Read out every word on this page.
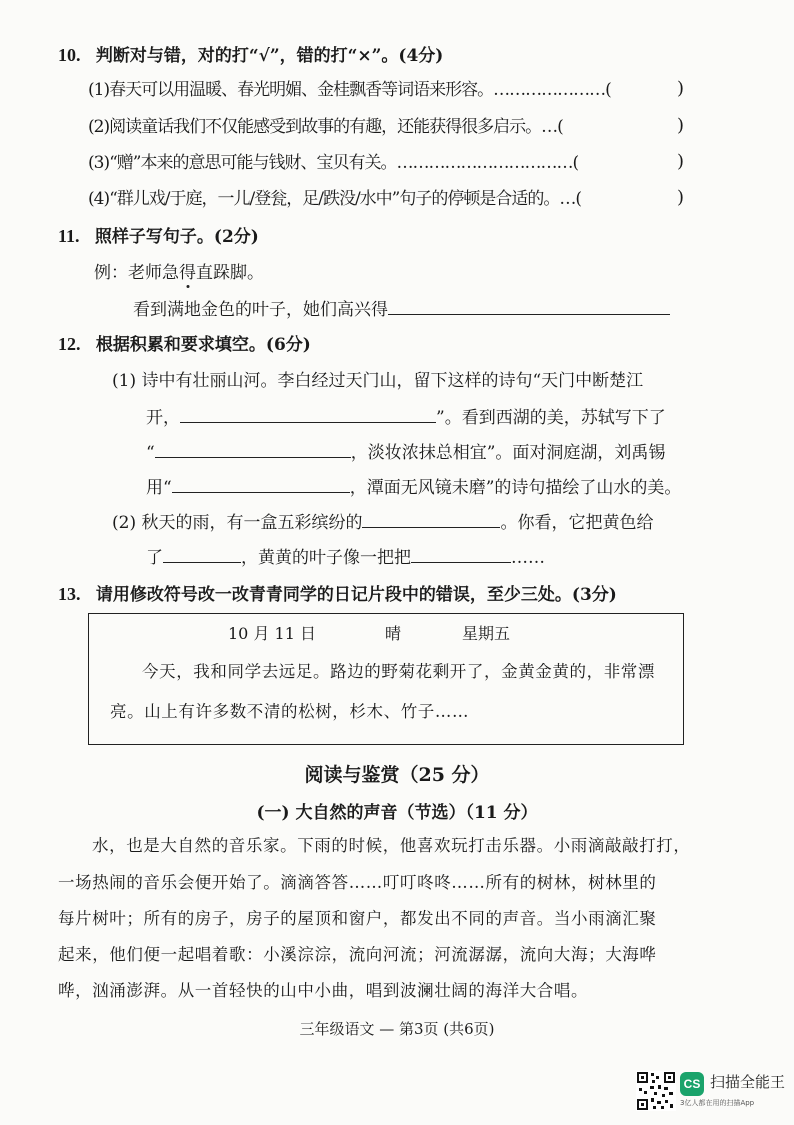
10. 判断对与错，对的打“√”，错的打“×”。(4分)
(1)春天可以用温暖、春光明媚、金桂飘香等词语来形容。…………………(	)
(2)阅读童话我们不仅能感受到故事的有趣，还能获得很多启示。…(	)
(3)“赠”本来的意思可能与钱财、宝贝有关。……………………………(	)
(4)“群儿戏/于庭，一儿/登瓮，足/跌没/水中”句子的停顿是合适的。…(	)
11. 照样子写句子。(2分)
例：老师急得直跺脚。
看到满地金色的叶子，她们高兴得
12. 根据积累和要求填空。(6分)
(1) 诗中有壮丽山河。李白经过天门山，留下这样的诗句“天门中断楚江
开，	”。看到西湖的美，苏轼写下了
“	，淡妆浓抹总相宜”。面对洞庭湖，刘禹锡
用“	，潭面无风镜未磨”的诗句描绘了山水的美。
(2) 秋天的雨，有一盒五彩缤纷的	。你看，它把黄色给
了	，黄黄的叶子像一把把	……
13. 请用修改符号改一改青青同学的日记片段中的错误，至少三处。(3分)
10 月 11 日	晴	星期五
今天，我和同学去远足。路边的野菊花剩开了，金黄金黄的，非常漂
亮。山上有许多数不清的松树，杉木、竹子……
阅读与鉴赏（25 分）
(一) 大自然的声音（节选）（11 分）
水，也是大自然的音乐家。下雨的时候，他喜欢玩打击乐器。小雨滴敲敲打打，
一场热闹的音乐会便开始了。滴滴答答……叮叮咚咚……所有的树林，树林里的
每片树叶；所有的房子，房子的屋顶和窗户，都发出不同的声音。当小雨滴汇聚
起来，他们便一起唱着歌：小溪淙淙，流向河流；河流潺潺，流向大海；大海哗
哗，汹涌澎湃。从一首轻快的山中小曲，唱到波澜壮阔的海洋大合唱。
三年级语文 — 第3页 (共6页)
CS 扫描全能王
3亿人都在用的扫描App
